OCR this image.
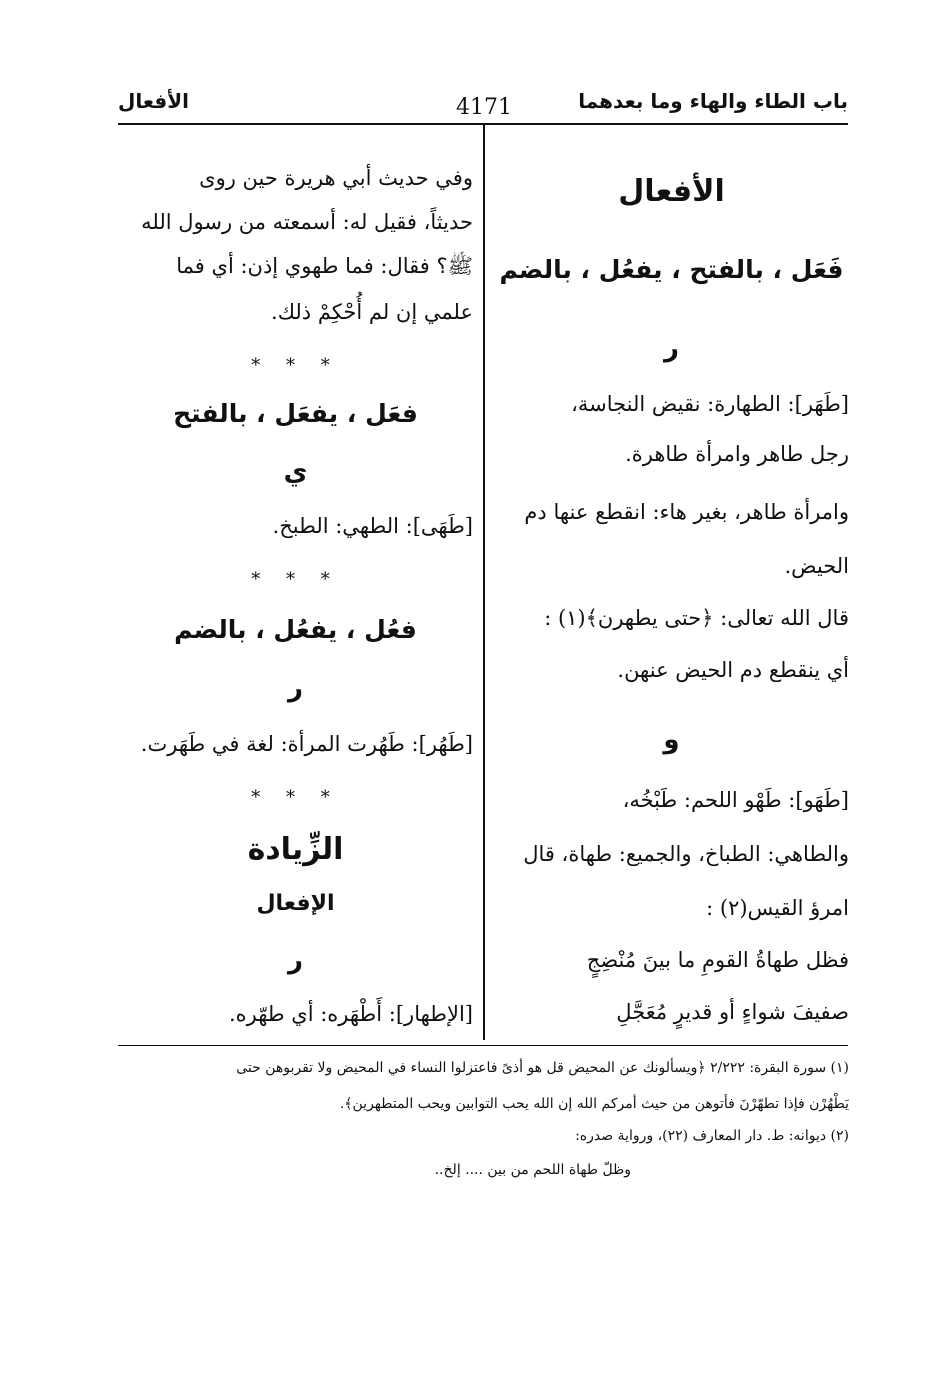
باب الطاء والهاء وما بعدهما
4171
الأفعال
الأفعال
فَعَل ، بالفتح ، يفعُل ، بالضم
ر
[طَهَر]: الطهارة: نقيض النجاسة،
رجل طاهر وامرأة طاهرة.
وامرأة طاهر، بغير هاء: انقطع عنها دم
الحيض.
قال الله تعالى: ﴿حتى يطهرن﴾(١) :
أي ينقطع دم الحيض عنهن.
و
[طَهَو]: طَهْو اللحم: طَبْخُه،
والطاهي: الطباخ، والجميع: طهاة، قال
امرؤ القيس(٢) :
فظل طهاةُ القومِ ما بينَ مُنْضِجٍ
صفيفَ شواءٍ أو قديرٍ مُعَجَّلِ
وفي حديث أبي هريرة حين روى
حديثاً، فقيل له: أسمعته من رسول الله
ﷺ؟ فقال: فما طهوي إذن: أي فما
علمي إن لم أُحْكِمْ ذلك.
* * *
فعَل ، يفعَل ، بالفتح
ي
[طَهَى]: الطهي: الطبخ.
* * *
فعُل ، يفعُل ، بالضم
ر
[طَهُر]: طَهُرت المرأة: لغة في طَهَرت.
* * *
الزِّيادة
الإفعال
ر
[الإطهار]: أَطْهَره: أي طهّره.
(١) سورة البقرة: ٢/٢٢٢ ﴿ويسألونك عن المحيض قل هو أذىً فاعتزلوا النساء في المحيض ولا تقربوهن حتى
يَطْهُرْن فإذا تطهّرْنَ فأتوهن من حيث أمركم الله إن الله يحب التوابين ويحب المتطهرين﴾.
(٢) ديوانه: ط. دار المعارف (٢٢)، ورواية صدره:
وظلّ طهاة اللحم من بين .... إلخ..
